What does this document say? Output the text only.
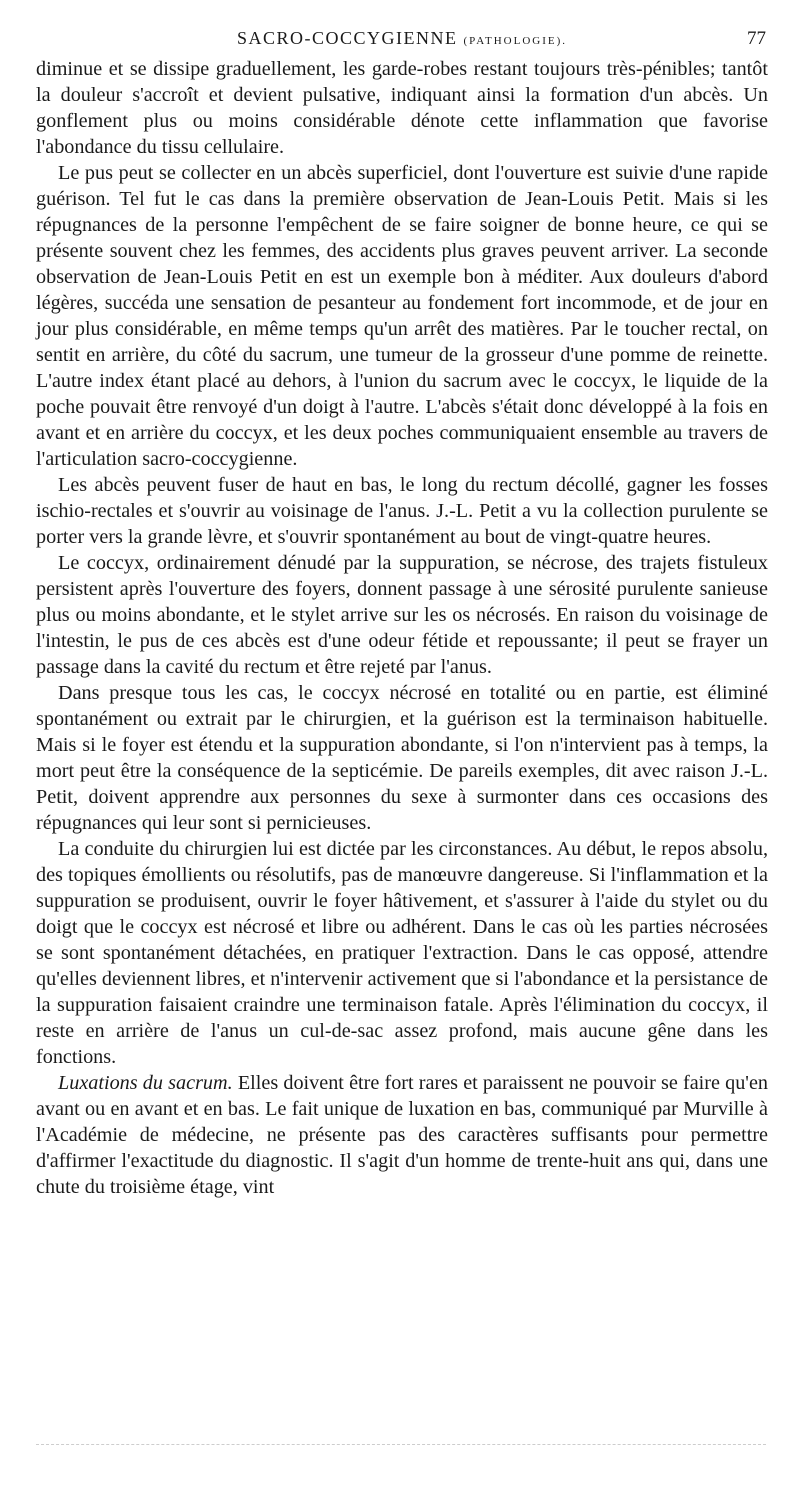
SACRO-COCCYGIENNE (PATHOLOGIE).	77

diminue et se dissipe graduellement, les garde-robes restant toujours très-pénibles; tantôt la douleur s'accroît et devient pulsative, indiquant ainsi la formation d'un abcès. Un gonflement plus ou moins considérable dénote cette inflammation que favorise l'abondance du tissu cellulaire.

Le pus peut se collecter en un abcès superficiel, dont l'ouverture est suivie d'une rapide guérison. Tel fut le cas dans la première observation de Jean-Louis Petit. Mais si les répugnances de la personne l'empêchent de se faire soigner de bonne heure, ce qui se présente souvent chez les femmes, des accidents plus graves peuvent arriver. La seconde observation de Jean-Louis Petit en est un exemple bon à méditer. Aux douleurs d'abord légères, succéda une sensation de pesanteur au fondement fort incommode, et de jour en jour plus considérable, en même temps qu'un arrêt des matières. Par le toucher rectal, on sentit en arrière, du côté du sacrum, une tumeur de la grosseur d'une pomme de reinette. L'autre index étant placé au dehors, à l'union du sacrum avec le coccyx, le liquide de la poche pouvait être renvoyé d'un doigt à l'autre. L'abcès s'était donc développé à la fois en avant et en arrière du coccyx, et les deux poches communiquaient ensemble au travers de l'articulation sacro-coccygienne.

Les abcès peuvent fuser de haut en bas, le long du rectum décollé, gagner les fosses ischio-rectales et s'ouvrir au voisinage de l'anus. J.-L. Petit a vu la collection purulente se porter vers la grande lèvre, et s'ouvrir spontanément au bout de vingt-quatre heures.

Le coccyx, ordinairement dénudé par la suppuration, se nécrose, des trajets fistuleux persistent après l'ouverture des foyers, donnent passage à une sérosité purulente sanieuse plus ou moins abondante, et le stylet arrive sur les os nécrosés. En raison du voisinage de l'intestin, le pus de ces abcès est d'une odeur fétide et repoussante; il peut se frayer un passage dans la cavité du rectum et être rejeté par l'anus.

Dans presque tous les cas, le coccyx nécrosé en totalité ou en partie, est éliminé spontanément ou extrait par le chirurgien, et la guérison est la terminaison habituelle. Mais si le foyer est étendu et la suppuration abondante, si l'on n'intervient pas à temps, la mort peut être la conséquence de la septicémie. De pareils exemples, dit avec raison J.-L. Petit, doivent apprendre aux personnes du sexe à surmonter dans ces occasions des répugnances qui leur sont si pernicieuses.

La conduite du chirurgien lui est dictée par les circonstances. Au début, le repos absolu, des topiques émollients ou résolutifs, pas de manœuvre dangereuse. Si l'inflammation et la suppuration se produisent, ouvrir le foyer hâtivement, et s'assurer à l'aide du stylet ou du doigt que le coccyx est nécrosé et libre ou adhérent. Dans le cas où les parties nécrosées se sont spontanément détachées, en pratiquer l'extraction. Dans le cas opposé, attendre qu'elles deviennent libres, et n'intervenir activement que si l'abondance et la persistance de la suppuration faisaient craindre une terminaison fatale. Après l'élimination du coccyx, il reste en arrière de l'anus un cul-de-sac assez profond, mais aucune gêne dans les fonctions.

Luxations du sacrum. Elles doivent être fort rares et paraissent ne pouvoir se faire qu'en avant ou en avant et en bas. Le fait unique de luxation en bas, communiqué par Murville à l'Académie de médecine, ne présente pas des caractères suffisants pour permettre d'affirmer l'exactitude du diagnostic. Il s'agit d'un homme de trente-huit ans qui, dans une chute du troisième étage, vint
